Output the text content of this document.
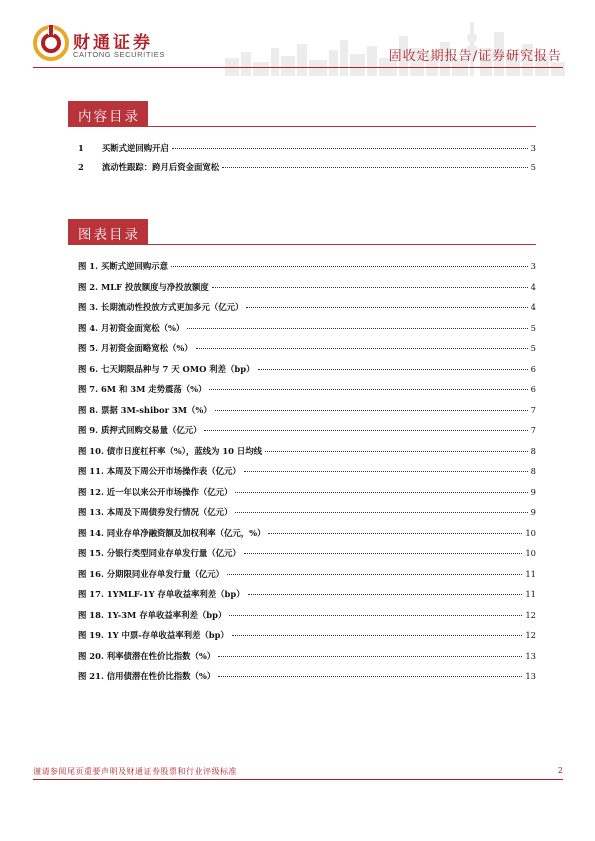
财通证券
CAITONG SECURITIES	固收定期报告/证券研究报告
内容目录
1 买断式逆回购开启	3
2 流动性跟踪：跨月后资金面宽松	5
图表目录
图 1. 买断式逆回购示意	3
图 2. MLF 投放额度与净投放额度	4
图 3. 长期流动性投放方式更加多元（亿元）	4
图 4. 月初资金面宽松（%）	5
图 5. 月初资金面略宽松（%）	5
图 6. 七天期限品种与 7 天 OMO 利差（bp）	6
图 7. 6M 和 3M 走势震荡（%）	6
图 8. 票据 3M-shibor 3M（%）	7
图 9. 质押式回购交易量（亿元）	7
图 10. 债市日度杠杆率（%），蓝线为 10 日均线	8
图 11. 本周及下周公开市场操作表（亿元）	8
图 12. 近一年以来公开市场操作（亿元）	9
图 13. 本周及下周债券发行情况（亿元）	9
图 14. 同业存单净融资额及加权利率（亿元，%）	10
图 15. 分银行类型同业存单发行量（亿元）	10
图 16. 分期限同业存单发行量（亿元）	11
图 17. 1YMLF-1Y 存单收益率利差（bp）	11
图 18. 1Y-3M 存单收益率利差（bp）	12
图 19. 1Y 中票-存单收益率利差（bp）	12
图 20. 利率债潜在性价比指数（%）	13
图 21. 信用债潜在性价比指数（%）	13
谨请参阅尾页重要声明及财通证券股票和行业评级标准	2
